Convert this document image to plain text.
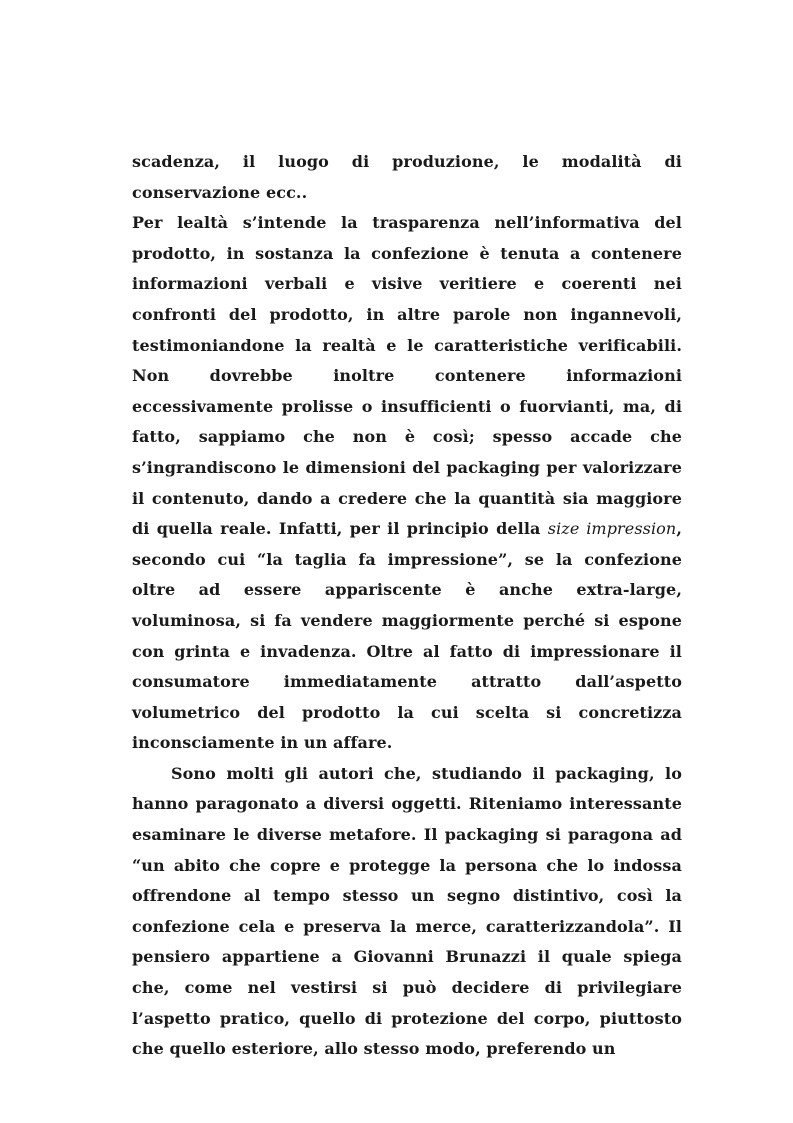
scadenza, il luogo di produzione, le modalità di conservazione ecc..

Per lealtà s’intende la trasparenza nell’informativa del prodotto, in sostanza la confezione è tenuta a contenere informazioni verbali e visive veritiere e coerenti nei confronti del prodotto, in altre parole non ingannevoli, testimoniandone la realtà e le caratteristiche verificabili. Non dovrebbe inoltre contenere informazioni eccessivamente prolisse o insufficienti o fuorvianti, ma, di fatto, sappiamo che non è così; spesso accade che s’ingrandiscono le dimensioni del packaging per valorizzare il contenuto, dando a credere che la quantità sia maggiore di quella reale. Infatti, per il principio della size impression, secondo cui “la taglia fa impressione”, se la confezione oltre ad essere appariscente è anche extra-large, voluminosa, si fa vendere maggiormente perché si espone con grinta e invadenza. Oltre al fatto di impressionare il consumatore immediatamente attratto dall’aspetto volumetrico del prodotto la cui scelta si concretizza inconsciamente in un affare.

Sono molti gli autori che, studiando il packaging, lo hanno paragonato a diversi oggetti. Riteniamo interessante esaminare le diverse metafore. Il packaging si paragona ad “un abito che copre e protegge la persona che lo indossa offrendone al tempo stesso un segno distintivo, così la confezione cela e preserva la merce, caratterizzandola”. Il pensiero appartiene a Giovanni Brunazzi il quale spiega che, come nel vestirsi si può decidere di privilegiare l’aspetto pratico, quello di protezione del corpo, piuttosto che quello esteriore, allo stesso modo, preferendo un
